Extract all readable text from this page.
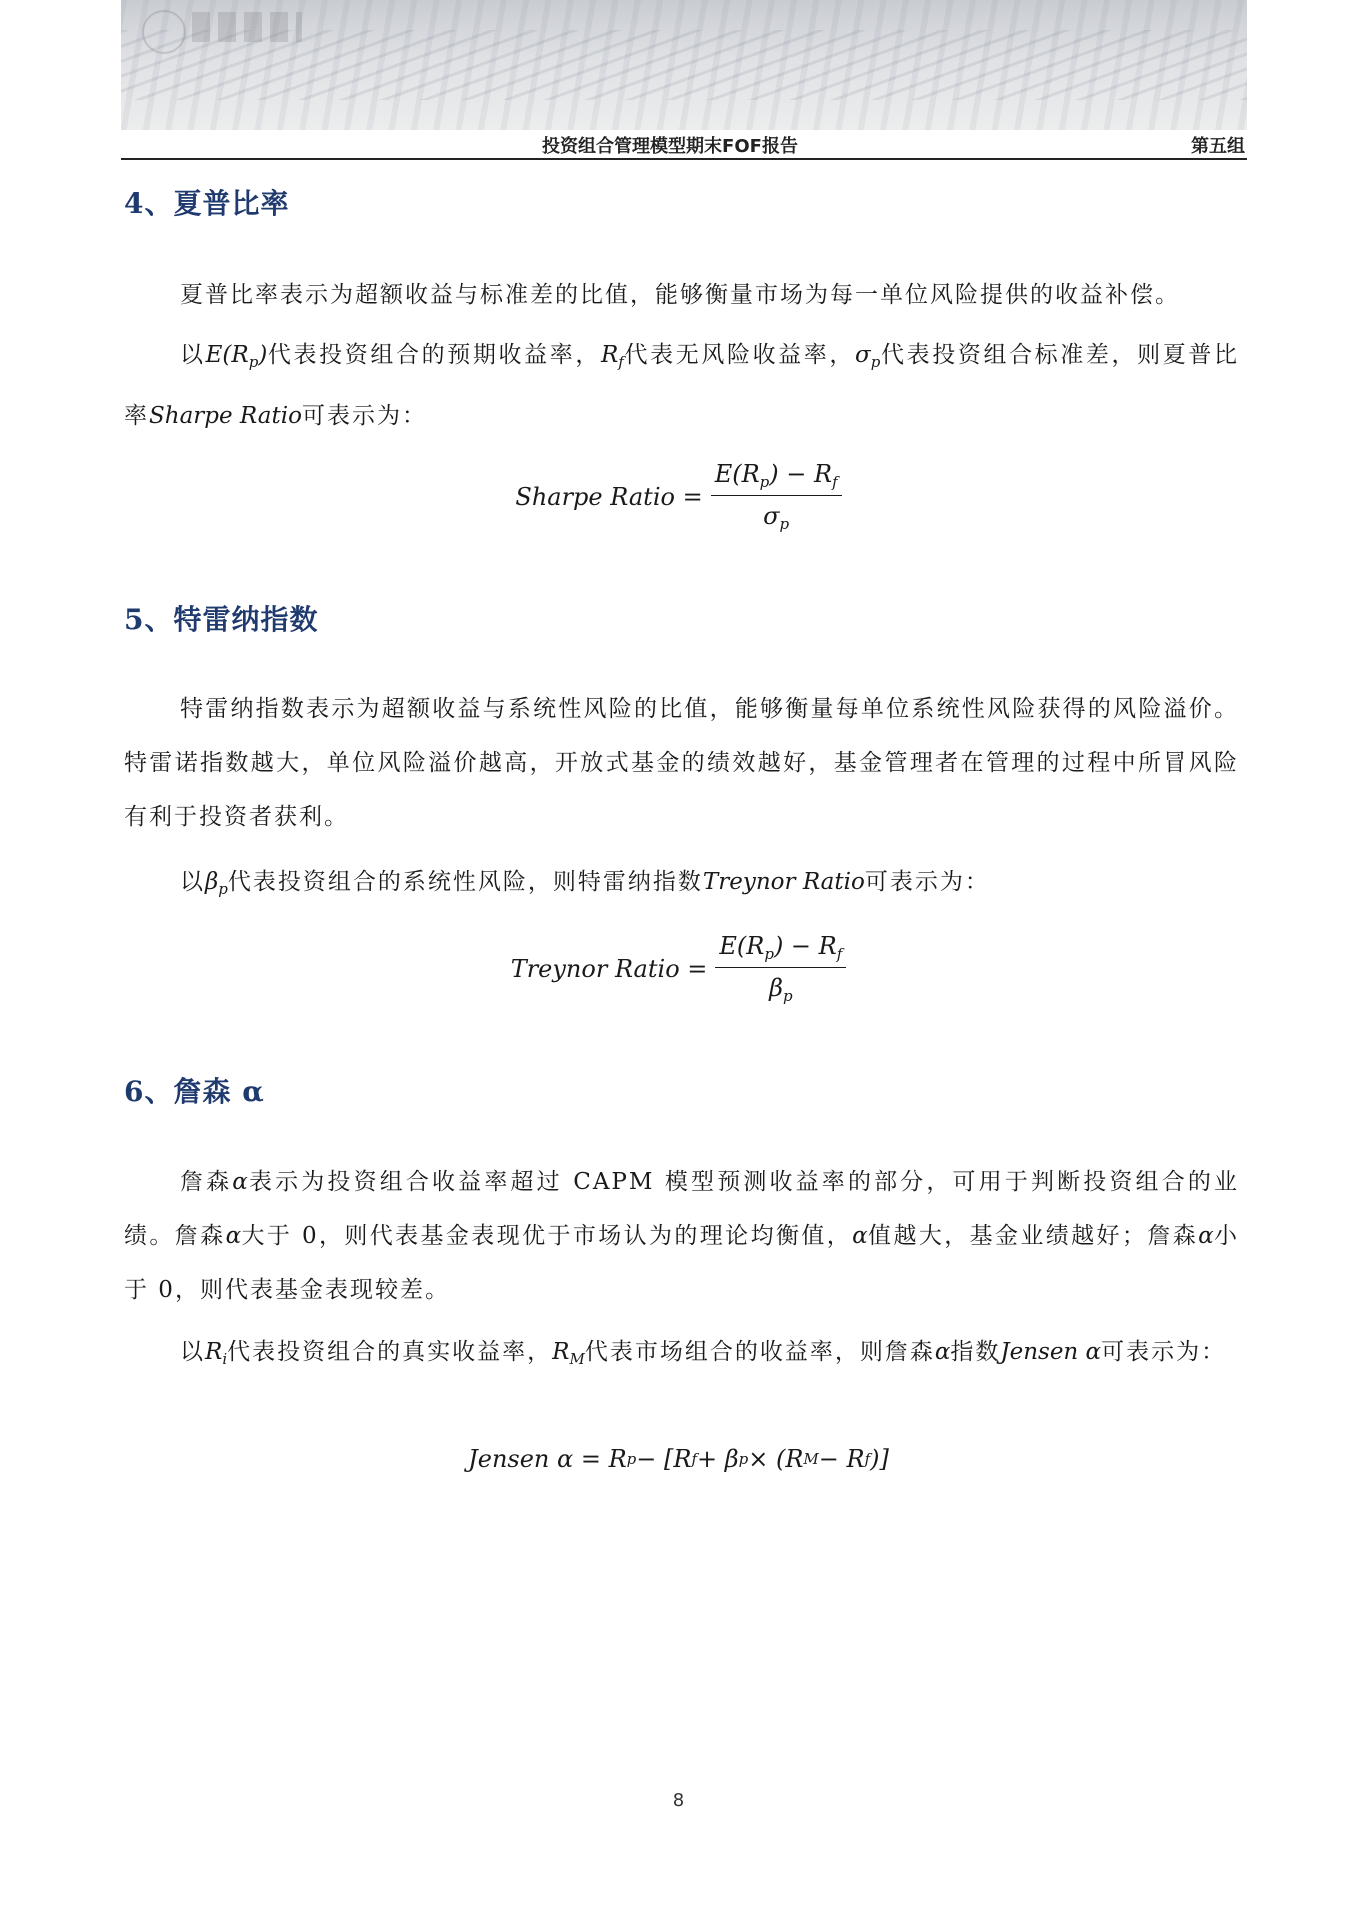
投资组合管理模型期末FOF报告	第五组
4、夏普比率

夏普比率表示为超额收益与标准差的比值，能够衡量市场为每一单位风险提供的收益补偿。

以$E(R_p)$代表投资组合的预期收益率，$R_f$代表无风险收益率，$\sigma_p$代表投资组合标准差，则夏普比率Sharpe Ratio可表示为：

Sharpe Ratio = $\frac{E(R_p) - R_f}{\sigma_p}$
5、特雷纳指数

特雷纳指数表示为超额收益与系统性风险的比值，能够衡量每单位系统性风险获得的风险溢价。特雷诺指数越大，单位风险溢价越高，开放式基金的绩效越好，基金管理者在管理的过程中所冒风险有利于投资者获利。

以$\beta_p$代表投资组合的系统性风险，则特雷纳指数Treynor Ratio可表示为：

Treynor Ratio = $\frac{E(R_p) - R_f}{\beta_p}$
6、詹森 α

詹森α表示为投资组合收益率超过 CAPM 模型预测收益率的部分，可用于判断投资组合的业绩。詹森α大于 0，则代表基金表现优于市场认为的理论均衡值，α值越大，基金业绩越好；詹森α小于 0，则代表基金表现较差。

以$R_i$代表投资组合的真实收益率，$R_M$代表市场组合的收益率，则詹森α指数Jensen α可表示为：

Jensen α = R p − [R f + β p × (R M − R f )]
8
